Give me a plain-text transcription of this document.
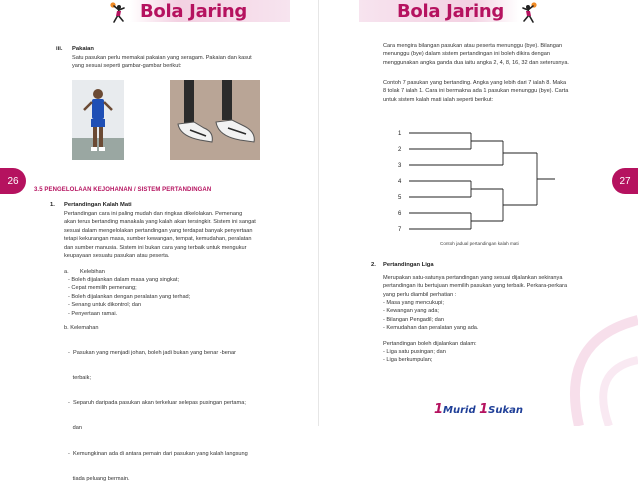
Bola Jaring
26
iii. Pakaian
Satu pasukan perlu memakai pakaian yang seragam. Pakaian dan kasut
yang sesuai seperti gambar-gambar berikut:
3.5 PENGELOLAAN KEJOHANAN / SISTEM PERTANDINGAN
1. Pertandingan Kalah Mati
Pertandingan cara ini paling mudah dan ringkas dikelolakan. Pemenang
akan terus bertanding manakala yang kalah akan tersingkir. Sistem ini sangat
sesuai dalam mengelolakan pertandingan yang terdapat banyak penyertaan
tetapi kekurangan masa, sumber kewangan, tempat, kemudahan, peralatan
dan sumber manusia. Sistem ini bukan cara yang terbaik untuk mengukur
keupayaan sesuatu pasukan atau peserta.
a. Kelebihan
- Boleh dijalankan dalam masa yang singkat;
- Cepat memilih pemenang;
- Boleh dijalankan dengan peralatan yang terhad;
- Senang untuk dikontrol; dan
- Penyertaan ramai.
b. Kelemahan

-  Pasukan yang menjadi johan, boleh jadi bukan yang benar -benar

terbaik;

-  Separuh daripada pasukan akan terkeluar selepas pusingan pertama;

dan

-  Kemungkinan ada di antara pemain dari pasukan yang kalah langsung

tiada peluang bermain.

Bola Jaring
27
Cara mengira bilangan pasukan atau peserta menunggu (bye). Bilangan
menunggu (bye) dalam sistem pertandingan ini boleh dikira dengan
menggunakan angka ganda dua iaitu angka 2, 4, 8, 16, 32 dan seterusnya.
Contoh 7 pasukan yang bertanding. Angka yang lebih dari 7 ialah 8. Maka
8 tolak 7 ialah 1. Cara ini bermakna ada 1 pasukan menunggu (bye). Carta
untuk sistem kalah mati ialah seperti berikut:
1
2
3
4
5
6
7
Contoh jadual pertandingan kalah mati
2. Pertandingan Liga
Merupakan satu-satunya pertandingan yang sesuai dijalankan sekiranya
pertandingan itu bertujuan memilih pasukan yang terbaik. Perkara-perkara
yang perlu diambil perhatian :
- Masa yang mencukupi;
- Kewangan yang ada;
- Bilangan Pengadil; dan
- Kemudahan dan peralatan yang ada.
Pertandingan boleh dijalankan dalam:
- Liga satu pusingan; dan
- Liga berkumpulan;
1Murid 1Sukan
